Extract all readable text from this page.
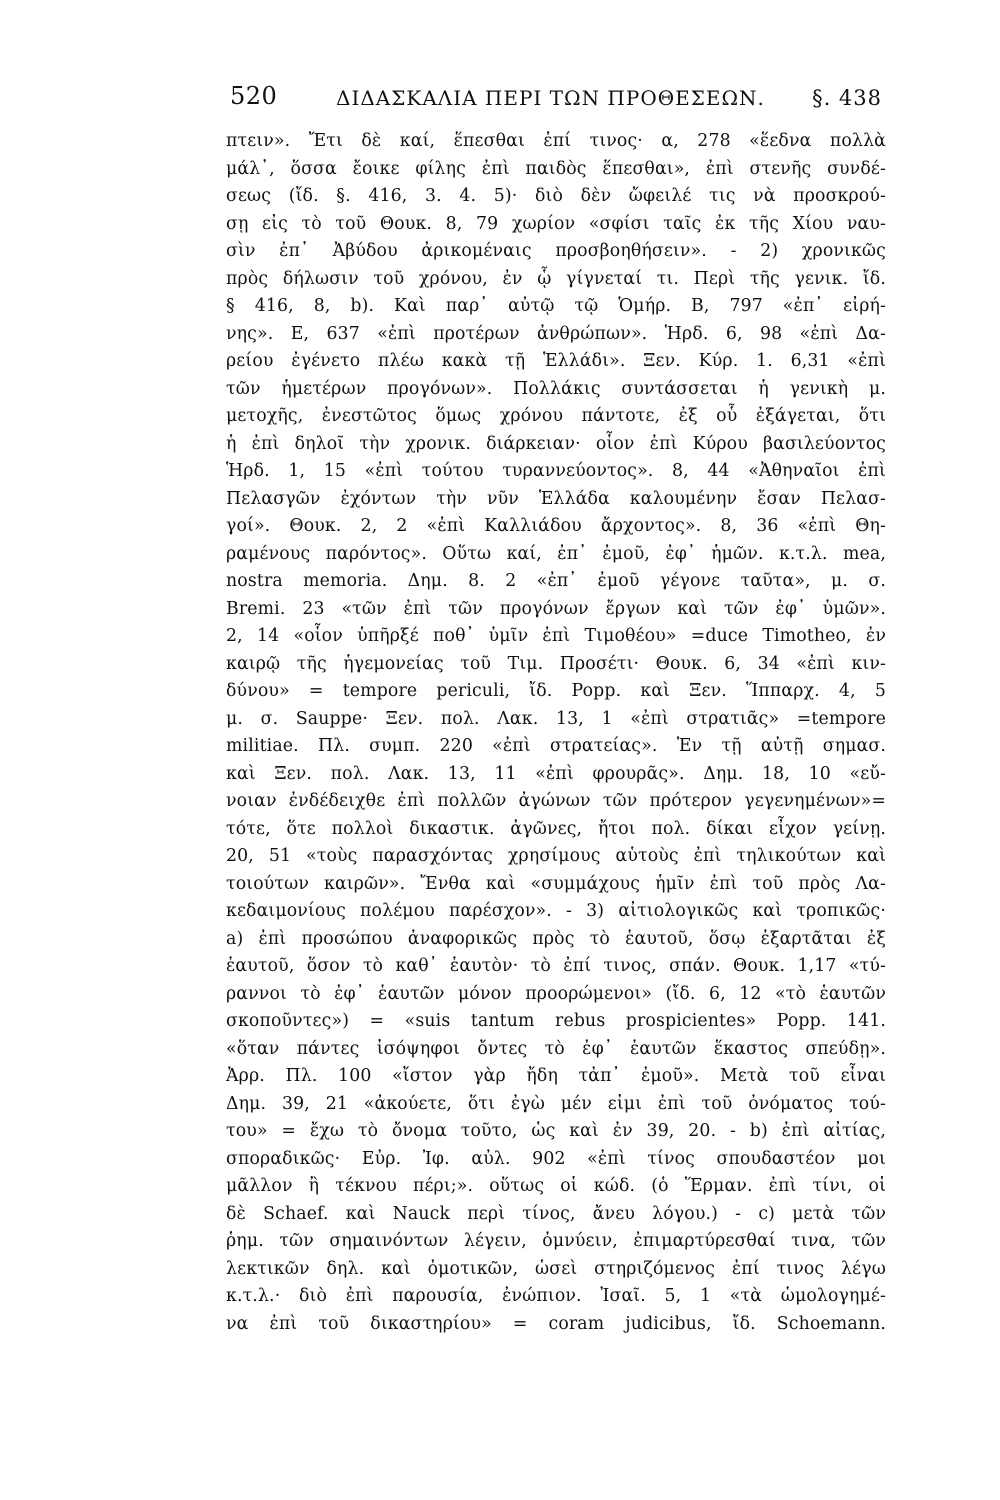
520	ΔΙΔΑΣΚΑΛΙΑ ΠΕΡΙ ΤΩΝ ΠΡΟΘΕΣΕΩΝ. §. 438
πτειν». Ἔτι δὲ καί, ἕπεσθαι ἐπί τινος· α, 278 «ἕεδνα πολλὰ
μάλ᾽, ὅσσα ἔοικε φίλης ἐπὶ παιδὸς ἕπεσθαι», ἐπὶ στενῆς συνδέ-
σεως (ἴδ. §. 416, 3. 4. 5)· διὸ δὲν ὤφειλέ τις νὰ προσκρού-
σῃ εἰς τὸ τοῦ Θουκ. 8, 79 χωρίον «σφίσι ταῖς ἐκ τῆς Χίου ναυ-
σὶν ἐπ᾽ Ἀβύδου ἀρικομέναις προσβοηθήσειν». - 2) χρονικῶς
πρὸς δήλωσιν τοῦ χρόνου, ἐν ᾧ γίγνεταί τι. Περὶ τῆς γενικ. ἴδ.
§ 416, 8, b). Καὶ παρ᾽ αὐτῷ τῷ Ὁμήρ. Β, 797 «ἐπ᾽ εἰρή-
νης». Ε, 637 «ἐπὶ προτέρων ἀνθρώπων». Ἡρδ. 6, 98 «ἐπὶ Δα-
ρείου ἐγένετο πλέω κακὰ τῇ Ἑλλάδι». Ξεν. Κύρ. 1. 6,31 «ἐπὶ
τῶν ἡμετέρων προγόνων». Πολλάκις συντάσσεται ἡ γενικὴ μ.
μετοχῆς, ἐνεστῶτος ὅμως χρόνου πάντοτε, ἐξ οὗ ἐξάγεται, ὅτι
ἡ ἐπὶ δηλοῖ τὴν χρονικ. διάρκειαν· οἷον ἐπὶ Κύρου βασιλεύοντος
Ἡρδ. 1, 15 «ἐπὶ τούτου τυραννεύοντος». 8, 44 «Ἀθηναῖοι ἐπὶ
Πελασγῶν ἐχόντων τὴν νῦν Ἑλλάδα καλουμένην ἔσαν Πελασ-
γοί». Θουκ. 2, 2 «ἐπὶ Καλλιάδου ἄρχοντος». 8, 36 «ἐπὶ Θη-
ραμένους παρόντος». Οὕτω καί, ἐπ᾽ ἐμοῦ, ἐφ᾽ ἡμῶν. κ.τ.λ. mea,
nostra memoria. Δημ. 8. 2 «ἐπ᾽ ἐμοῦ γέγονε ταῦτα», μ. σ.
Bremi. 23 «τῶν ἐπὶ τῶν προγόνων ἔργων καὶ τῶν ἐφ᾽ ὑμῶν».
2, 14 «οἷον ὑπῆρξέ ποθ᾽ ὑμῖν ἐπὶ Τιμοθέου» =duce Timotheo, ἐν
καιρῷ τῆς ἡγεμονείας τοῦ Τιμ. Προσέτι· Θουκ. 6, 34 «ἐπὶ κιν-
δύνου» = tempore periculi, ἴδ. Popp. καὶ Ξεν. Ἵππαρχ. 4, 5
μ. σ. Sauppe· Ξεν. πολ. Λακ. 13, 1 «ἐπὶ στρατιᾶς» =tempore
militiae. Πλ. συμπ. 220 «ἐπὶ στρατείας». Ἐν τῇ αὐτῇ σημασ.
καὶ Ξεν. πολ. Λακ. 13, 11 «ἐπὶ φρουρᾶς». Δημ. 18, 10 «εὔ-
νοιαν ἐνδέδειχθε ἐπὶ πολλῶν ἀγώνων τῶν πρότερον γεγενημένων»=
τότε, ὅτε πολλοὶ δικαστικ. ἀγῶνες, ἤτοι πολ. δίκαι εἶχον γείνῃ.
20, 51 «τοὺς παρασχόντας χρησίμους αὑτοὺς ἐπὶ τηλικούτων καὶ
τοιούτων καιρῶν». Ἔνθα καὶ «συμμάχους ἡμῖν ἐπὶ τοῦ πρὸς Λα-
κεδαιμονίους πολέμου παρέσχον». - 3) αἰτιολογικῶς καὶ τροπικῶς·
a) ἐπὶ προσώπου ἀναφορικῶς πρὸς τὸ ἑαυτοῦ, ὅσῳ ἐξαρτᾶται ἐξ
ἑαυτοῦ, ὅσον τὸ καθ᾽ ἑαυτὸν· τὸ ἐπί τινος, σπάν. Θουκ. 1,17 «τύ-
ραννοι τὸ ἐφ᾽ ἑαυτῶν μόνον προορώμενοι» (ἴδ. 6, 12 «τὸ ἑαυτῶν
σκοποῦντες») = «suis tantum rebus prospicientes» Popp. 141.
«ὅταν πάντες ἰσόψηφοι ὄντες τὸ ἐφ᾽ ἑαυτῶν ἕκαστος σπεύδῃ».
Ἀρρ. Πλ. 100 «ἴστον γὰρ ἤδη τἀπ᾽ ἐμοῦ». Μετὰ τοῦ εἶναι
Δημ. 39, 21 «ἀκούετε, ὅτι ἐγὼ μέν εἰμι ἐπὶ τοῦ ὀνόματος τού-
του» = ἔχω τὸ ὄνομα τοῦτο, ὡς καὶ ἐν 39, 20. - b) ἐπὶ αἰτίας,
σποραδικῶς· Εὐρ. Ἰφ. αὐλ. 902 «ἐπὶ τίνος σπουδαστέον μοι
μᾶλλον ἢ τέκνου πέρι;». οὕτως οἱ κώδ. (ὁ Ἕρμαν. ἐπὶ τίνι, οἱ
δὲ Schaef. καὶ Nauck περὶ τίνος, ἄνευ λόγου.) - c) μετὰ τῶν
ῥημ. τῶν σημαινόντων λέγειν, ὀμνύειν, ἐπιμαρτύρεσθαί τινα, τῶν
λεκτικῶν δηλ. καὶ ὀμοτικῶν, ὡσεὶ στηριζόμενος ἐπί τινος λέγω
κ.τ.λ.· διὸ ἐπὶ παρουσία, ἐνώπιον. Ἰσαῖ. 5, 1 «τὰ ὡμολογημέ-
να ἐπὶ τοῦ δικαστηρίου» = coram judicibus, ἴδ. Schoemann.
